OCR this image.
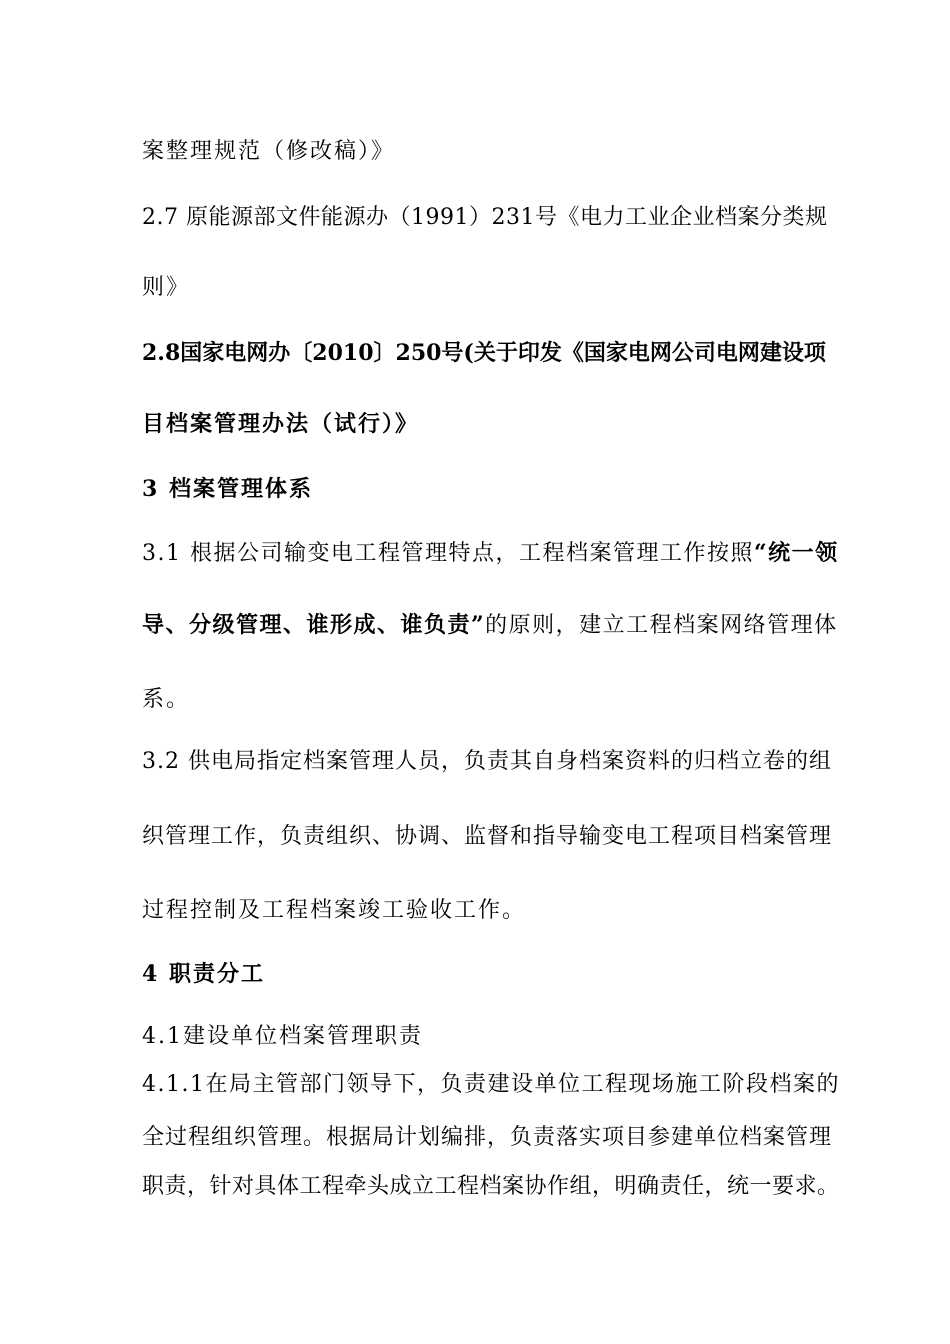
案整理规范（修改稿）》
2.7 原能源部文件能源办（1991）231号《电力工业企业档案分类规
则》
2.8国家电网办〔2010〕250号(关于印发《国家电网公司电网建设项
目档案管理办法（试行）》
3 档案管理体系
3.1 根据公司输变电工程管理特点，工程档案管理工作按照“统一领
导、分级管理、谁形成、谁负责”的原则，建立工程档案网络管理体
系。
3.2 供电局指定档案管理人员，负责其自身档案资料的归档立卷的组
织管理工作，负责组织、协调、监督和指导输变电工程项目档案管理
过程控制及工程档案竣工验收工作。
4 职责分工
4.1建设单位档案管理职责
4.1.1在局主管部门领导下，负责建设单位工程现场施工阶段档案的
全过程组织管理。根据局计划编排，负责落实项目参建单位档案管理
职责，针对具体工程牵头成立工程档案协作组，明确责任，统一要求。
